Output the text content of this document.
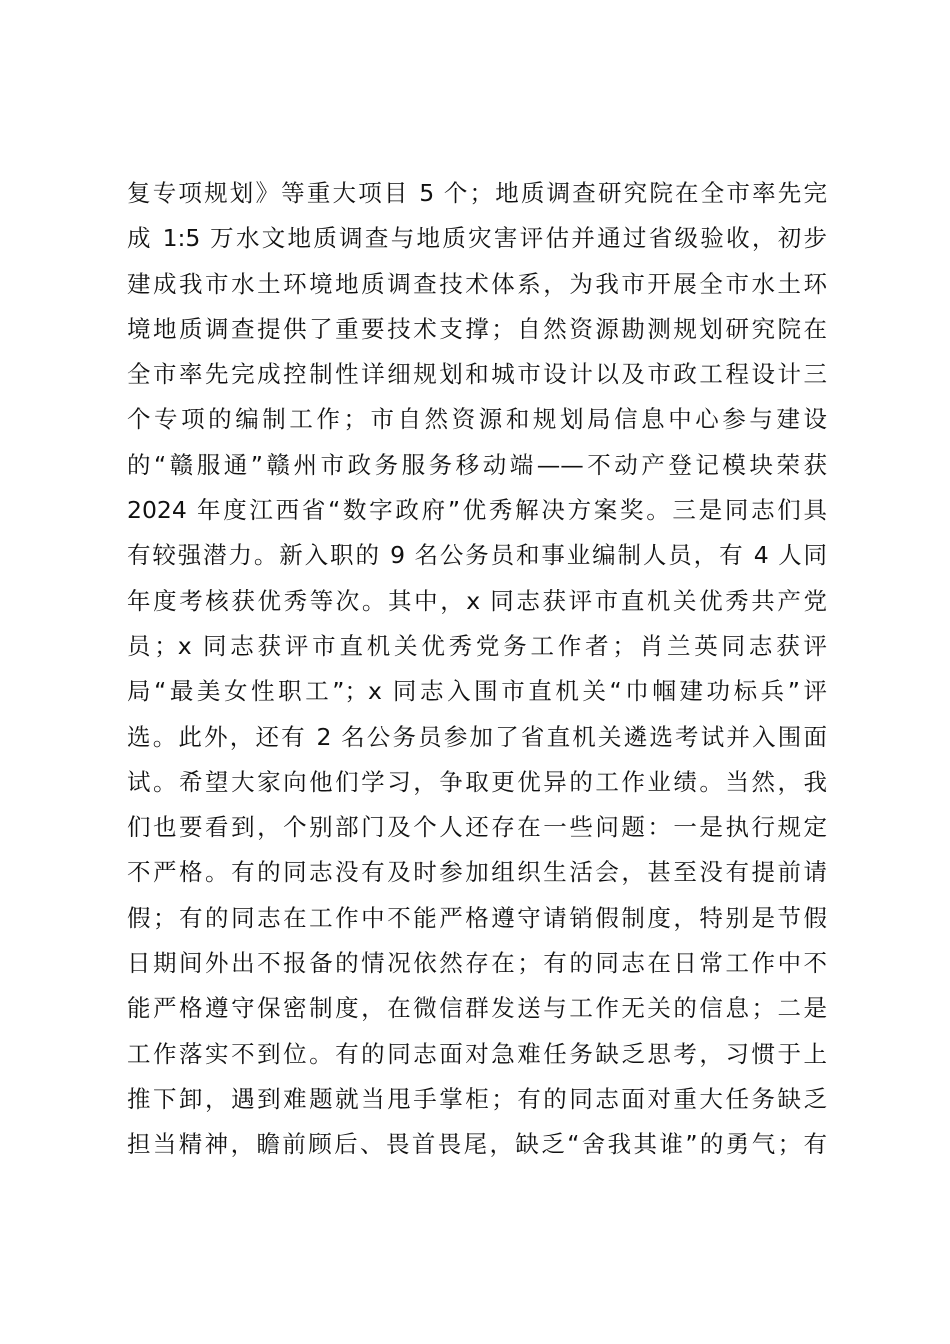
复专项规划》等重大项目 5 个；地质调查研究院在全市率先完
成 1:5 万水文地质调查与地质灾害评估并通过省级验收，初步
建成我市水土环境地质调查技术体系，为我市开展全市水土环
境地质调查提供了重要技术支撑；自然资源勘测规划研究院在
全市率先完成控制性详细规划和城市设计以及市政工程设计三
个专项的编制工作；市自然资源和规划局信息中心参与建设
的“赣服通”赣州市政务服务移动端——不动产登记模块荣获
2024 年度江西省“数字政府”优秀解决方案奖。三是同志们具
有较强潜力。新入职的 9 名公务员和事业编制人员，有 4 人同
年度考核获优秀等次。其中，x 同志获评市直机关优秀共产党
员；x 同志获评市直机关优秀党务工作者；肖兰英同志获评
局“最美女性职工”；x 同志入围市直机关“巾帼建功标兵”评
选。此外，还有 2 名公务员参加了省直机关遴选考试并入围面
试。希望大家向他们学习，争取更优异的工作业绩。当然，我
们也要看到，个别部门及个人还存在一些问题：一是执行规定
不严格。有的同志没有及时参加组织生活会，甚至没有提前请
假；有的同志在工作中不能严格遵守请销假制度，特别是节假
日期间外出不报备的情况依然存在；有的同志在日常工作中不
能严格遵守保密制度，在微信群发送与工作无关的信息；二是
工作落实不到位。有的同志面对急难任务缺乏思考，习惯于上
推下卸，遇到难题就当甩手掌柜；有的同志面对重大任务缺乏
担当精神，瞻前顾后、畏首畏尾，缺乏“舍我其谁”的勇气；有
